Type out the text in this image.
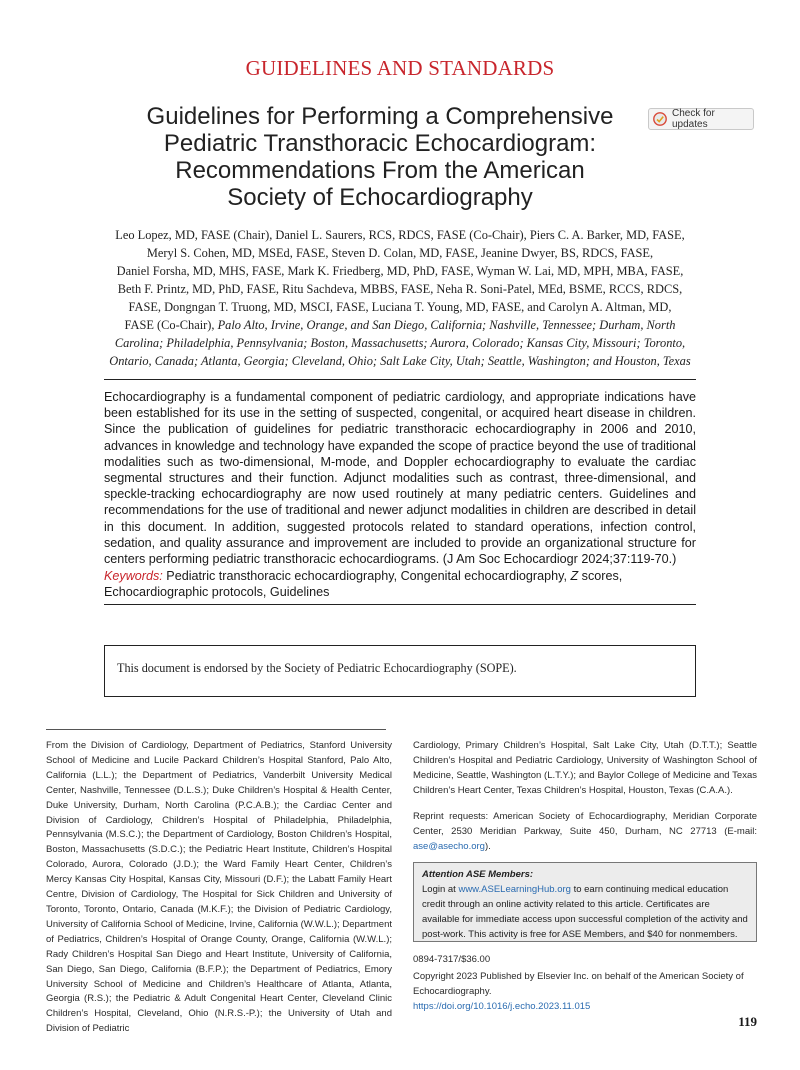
GUIDELINES AND STANDARDS
Guidelines for Performing a Comprehensive
Pediatric Transthoracic Echocardiogram:
Recommendations From the American
Society of Echocardiography
Check for updates
Leo Lopez, MD, FASE (Chair), Daniel L. Saurers, RCS, RDCS, FASE (Co-Chair), Piers C. A. Barker, MD, FASE,
Meryl S. Cohen, MD, MSEd, FASE, Steven D. Colan, MD, FASE, Jeanine Dwyer, BS, RDCS, FASE,
Daniel Forsha, MD, MHS, FASE, Mark K. Friedberg, MD, PhD, FASE, Wyman W. Lai, MD, MPH, MBA, FASE,
Beth F. Printz, MD, PhD, FASE, Ritu Sachdeva, MBBS, FASE, Neha R. Soni-Patel, MEd, BSME, RCCS, RDCS,
FASE, Dongngan T. Truong, MD, MSCI, FASE, Luciana T. Young, MD, FASE, and Carolyn A. Altman, MD,
FASE (Co-Chair), Palo Alto, Irvine, Orange, and San Diego, California; Nashville, Tennessee; Durham, North
Carolina; Philadelphia, Pennsylvania; Boston, Massachusetts; Aurora, Colorado; Kansas City, Missouri; Toronto,
Ontario, Canada; Atlanta, Georgia; Cleveland, Ohio; Salt Lake City, Utah; Seattle, Washington; and Houston, Texas
Echocardiography is a fundamental component of pediatric cardiology, and appropriate indications have been established for its use in the setting of suspected, congenital, or acquired heart disease in children. Since the publication of guidelines for pediatric transthoracic echocardiography in 2006 and 2010, advances in knowledge and technology have expanded the scope of practice beyond the use of traditional modalities such as two-dimensional, M-mode, and Doppler echocardiography to evaluate the cardiac segmental structures and their function. Adjunct modalities such as contrast, three-dimensional, and speckle-tracking echocardiography are now used routinely at many pediatric centers. Guidelines and recommendations for the use of traditional and newer adjunct modalities in children are described in detail in this document. In addition, suggested protocols related to standard operations, infection control, sedation, and quality assurance and improvement are included to provide an organizational structure for centers performing pediatric transthoracic echocardiograms. (J Am Soc Echocardiogr 2024;37:119-70.)
Keywords: Pediatric transthoracic echocardiography, Congenital echocardiography, Z scores, Echocardiographic protocols, Guidelines
This document is endorsed by the Society of Pediatric Echocardiography (SOPE).
From the Division of Cardiology, Department of Pediatrics, Stanford University School of Medicine and Lucile Packard Children’s Hospital Stanford, Palo Alto, California (L.L.); the Department of Pediatrics, Vanderbilt University Medical Center, Nashville, Tennessee (D.L.S.); Duke Children’s Hospital & Health Center, Duke University, Durham, North Carolina (P.C.A.B.); the Cardiac Center and Division of Cardiology, Children’s Hospital of Philadelphia, Philadelphia, Pennsylvania (M.S.C.); the Department of Cardiology, Boston Children’s Hospital, Boston, Massachusetts (S.D.C.); the Pediatric Heart Institute, Children’s Hospital Colorado, Aurora, Colorado (J.D.); the Ward Family Heart Center, Children’s Mercy Kansas City Hospital, Kansas City, Missouri (D.F.); the Labatt Family Heart Centre, Division of Cardiology, The Hospital for Sick Children and University of Toronto, Toronto, Ontario, Canada (M.K.F.); the Division of Pediatric Cardiology, University of California School of Medicine, Irvine, California (W.W.L.); Department of Pediatrics, Children’s Hospital of Orange County, Orange, California (W.W.L.); Rady Children’s Hospital San Diego and Heart Institute, University of California, San Diego, San Diego, California (B.F.P.); the Department of Pediatrics, Emory University School of Medicine and Children’s Healthcare of Atlanta, Atlanta, Georgia (R.S.); the Pediatric & Adult Congenital Heart Center, Cleveland Clinic Children’s Hospital, Cleveland, Ohio (N.R.S.-P.); the University of Utah and Division of Pediatric
Cardiology, Primary Children’s Hospital, Salt Lake City, Utah (D.T.T.); Seattle Children’s Hospital and Pediatric Cardiology, University of Washington School of Medicine, Seattle, Washington (L.T.Y.); and Baylor College of Medicine and Texas Children’s Heart Center, Texas Children’s Hospital, Houston, Texas (C.A.A.).
Reprint requests: American Society of Echocardiography, Meridian Corporate Center, 2530 Meridian Parkway, Suite 450, Durham, NC 27713 (E-mail: ase@asecho.org).
Attention ASE Members:
Login at www.ASELearningHub.org to earn continuing medical education credit through an online activity related to this article. Certificates are available for immediate access upon successful completion of the activity and post-work. This activity is free for ASE Members, and $40 for nonmembers.
0894-7317/$36.00
Copyright 2023 Published by Elsevier Inc. on behalf of the American Society of Echocardiography.
https://doi.org/10.1016/j.echo.2023.11.015
119
